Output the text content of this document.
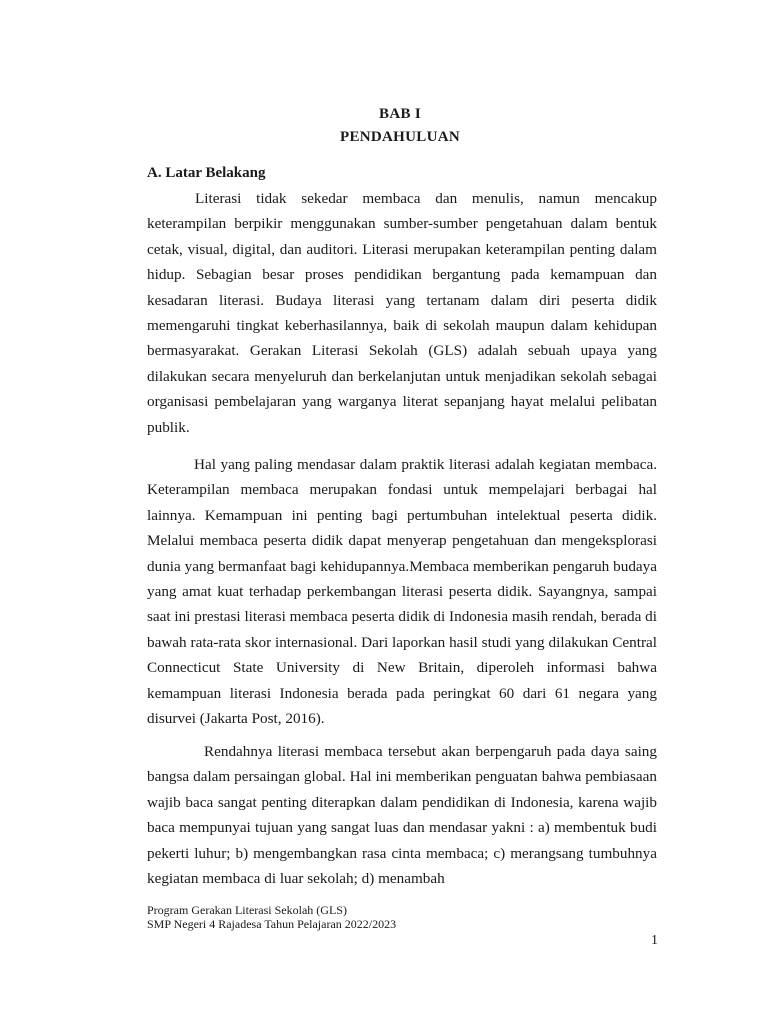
BAB I
PENDAHULUAN
A. Latar Belakang

Literasi tidak sekedar membaca dan menulis, namun mencakup keterampilan berpikir menggunakan sumber-sumber pengetahuan dalam bentuk cetak, visual, digital, dan auditori. Literasi merupakan keterampilan penting dalam hidup. Sebagian besar proses pendidikan bergantung pada kemampuan dan kesadaran literasi. Budaya literasi yang tertanam dalam diri peserta didik memengaruhi tingkat keberhasilannya, baik di sekolah maupun dalam kehidupan bermasyarakat. Gerakan Literasi Sekolah (GLS) adalah sebuah upaya yang dilakukan secara menyeluruh dan berkelanjutan untuk menjadikan sekolah sebagai organisasi pembelajaran yang warganya literat sepanjang hayat melalui pelibatan publik.

Hal yang paling mendasar dalam praktik literasi adalah kegiatan membaca. Keterampilan membaca merupakan fondasi untuk mempelajari berbagai hal lainnya. Kemampuan ini penting bagi pertumbuhan intelektual peserta didik. Melalui membaca peserta didik dapat menyerap pengetahuan dan mengeksplorasi dunia yang bermanfaat bagi kehidupannya.Membaca memberikan pengaruh budaya yang amat kuat terhadap perkembangan literasi peserta didik. Sayangnya, sampai saat ini prestasi literasi membaca peserta didik di Indonesia masih rendah, berada di bawah rata-rata skor internasional. Dari laporkan hasil studi yang dilakukan Central Connecticut State University di New Britain, diperoleh informasi bahwa kemampuan literasi Indonesia berada pada peringkat 60 dari 61 negara yang disurvei (Jakarta Post, 2016).

Rendahnya literasi membaca tersebut akan berpengaruh pada daya saing bangsa dalam persaingan global. Hal ini memberikan penguatan bahwa pembiasaan wajib baca sangat penting diterapkan dalam pendidikan di Indonesia, karena wajib baca mempunyai tujuan yang sangat luas dan mendasar yakni : a) membentuk budi pekerti luhur; b) mengembangkan rasa cinta membaca; c) merangsang tumbuhnya kegiatan membaca di luar sekolah; d) menambah

Program Gerakan Literasi Sekolah (GLS)
SMP Negeri 4 Rajadesa Tahun Pelajaran 2022/2023
1
